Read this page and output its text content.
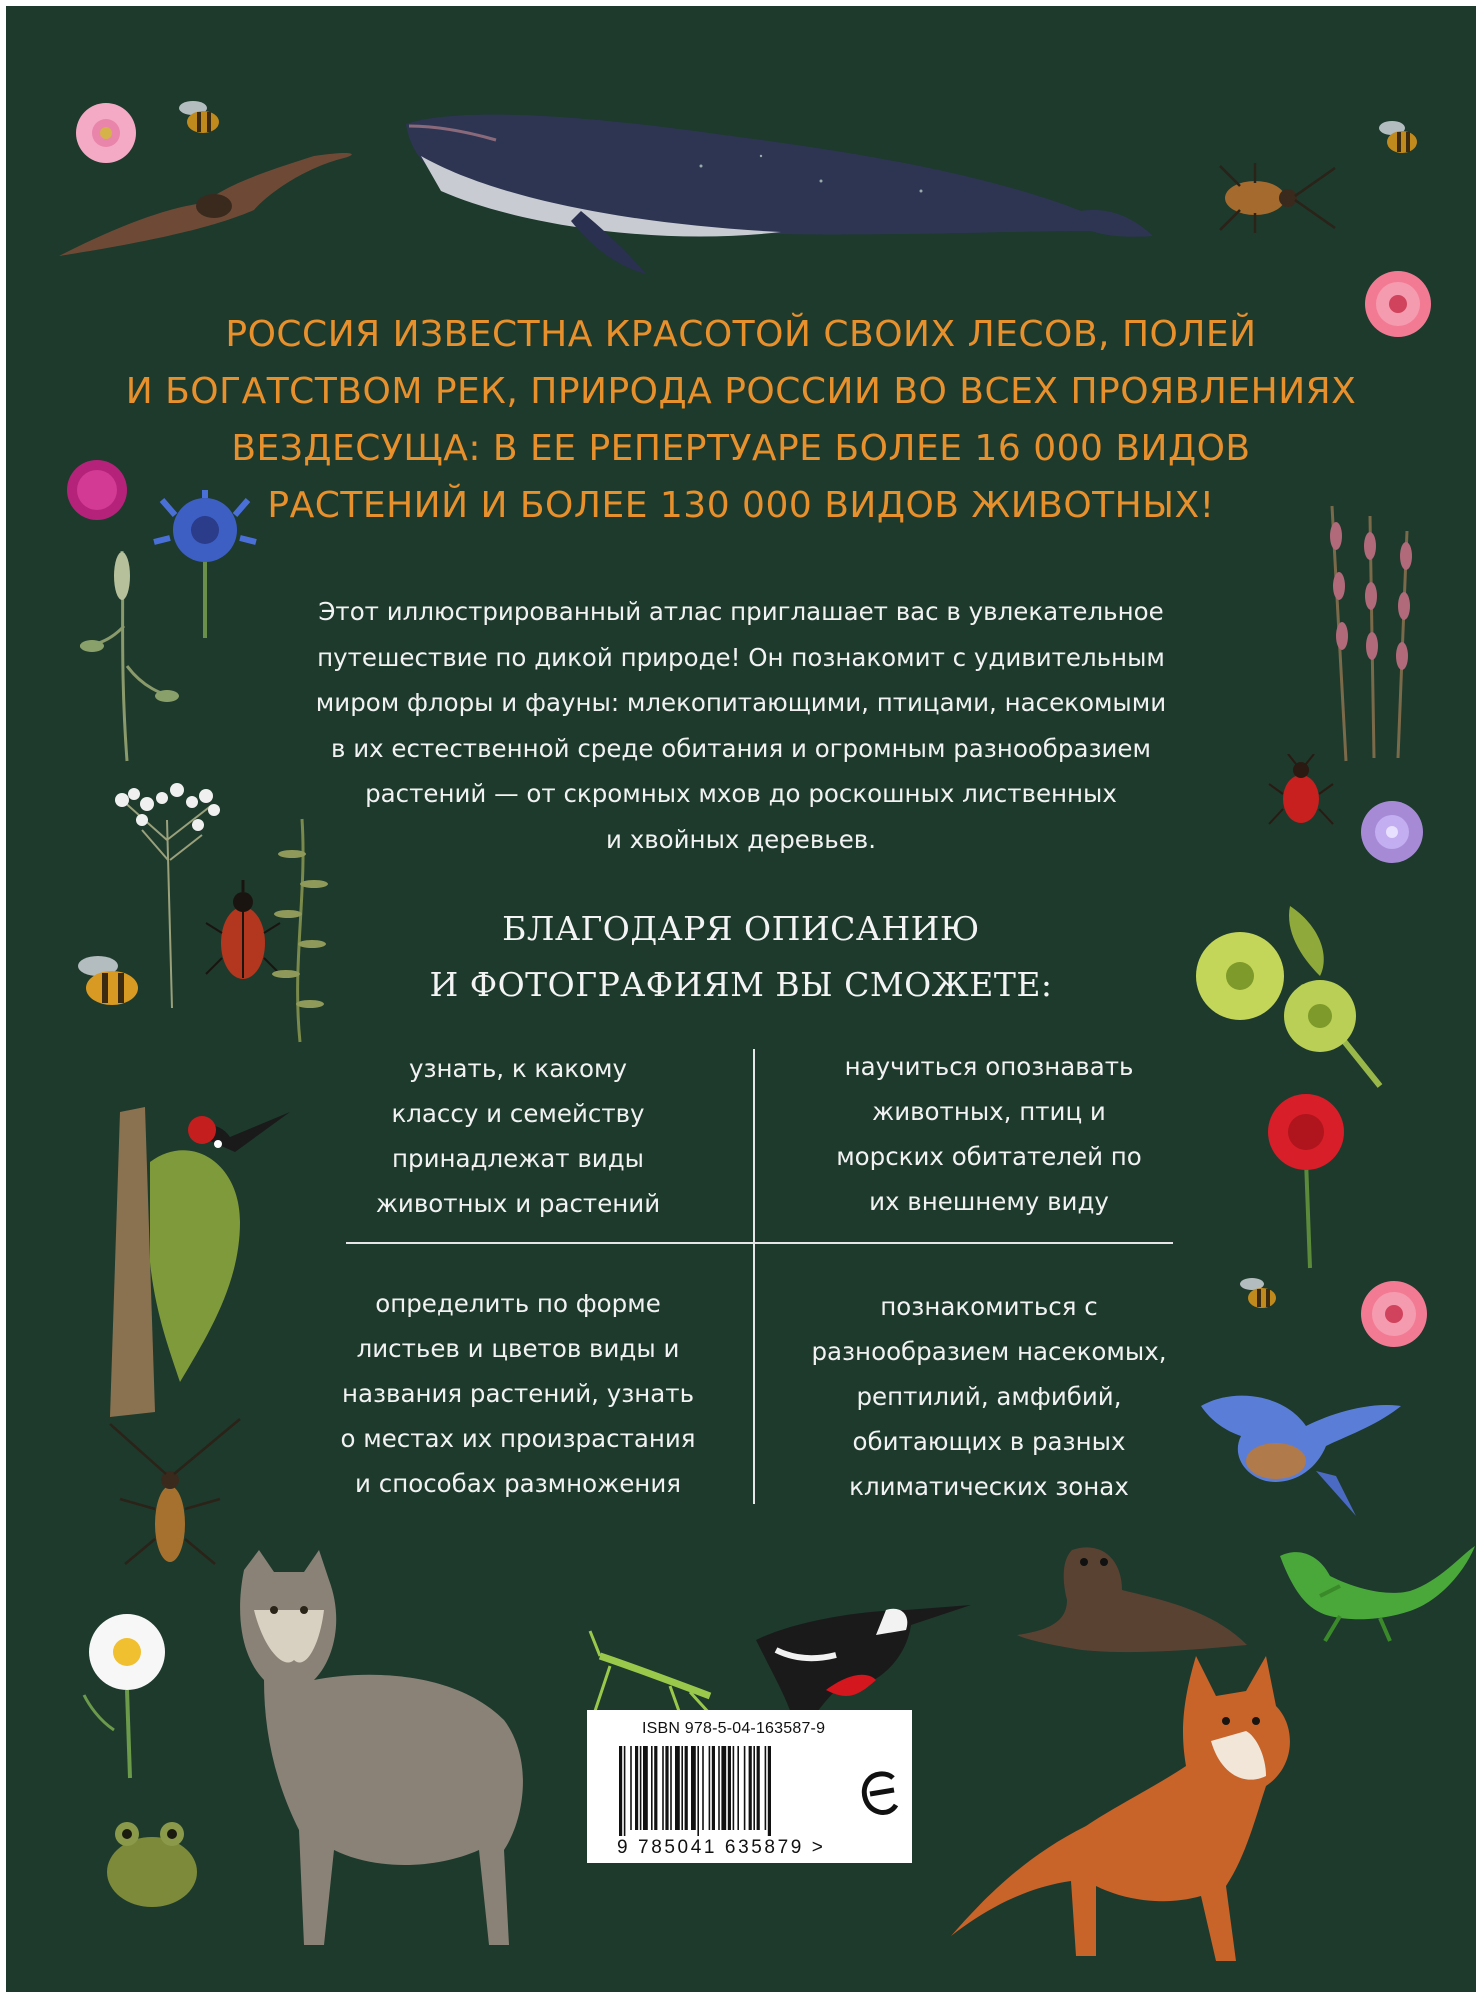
РОССИЯ ИЗВЕСТНА КРАСОТОЙ СВОИХ ЛЕСОВ, ПОЛЕЙ
И БОГАТСТВОМ РЕК, ПРИРОДА РОССИИ ВО ВСЕХ ПРОЯВЛЕНИЯХ
ВЕЗДЕСУЩА: В ЕЕ РЕПЕРТУАРЕ БОЛЕЕ 16 000 ВИДОВ
РАСТЕНИЙ И БОЛЕЕ 130 000 ВИДОВ ЖИВОТНЫХ!
Этот иллюстрированный атлас приглашает вас в увлекательное
путешествие по дикой природе! Он познакомит с удивительным
миром флоры и фауны: млекопитающими, птицами, насекомыми
в их естественной среде обитания и огромным разнообразием
растений — от скромных мхов до роскошных лиственных
и хвойных деревьев.
БЛАГОДАРЯ ОПИСАНИЮ
И ФОТОГРАФИЯМ ВЫ СМОЖЕТЕ:
узнать, к какому
классу и семейству
принадлежат виды
животных и растений
научиться опознавать
животных, птиц и
морских обитателей по
их внешнему виду
определить по форме
листьев и цветов виды и
названия растений, узнать
о местах их произрастания
и способах размножения
познакомиться с
разнообразием насекомых,
рептилий, амфибий,
обитающих в разных
климатических зонах
ISBN 978-5-04-163587-9
9 785041 635879 >
